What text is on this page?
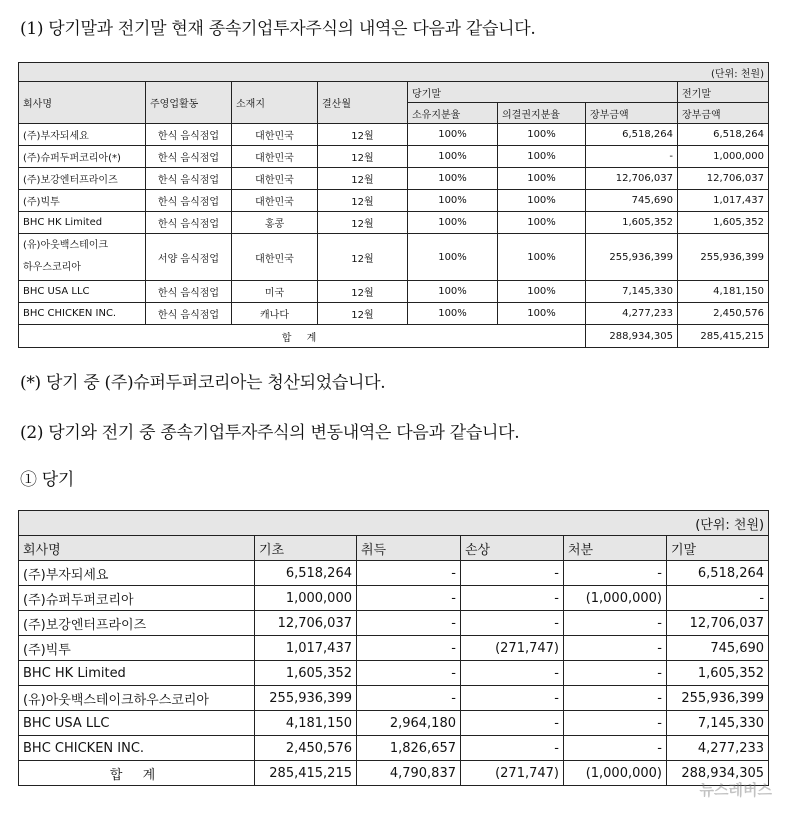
(1) 당기말과 전기말 현재 종속기업투자주식의 내역은 다음과 같습니다.
(단위: 천원)							
회사명	주영업활동	소재지	결산월	당기말			전기말
				소유지분율	의결권지분율	장부금액	장부금액
(주)부자되세요	한식 음식점업	대한민국	12월	100%	100%	6,518,264	6,518,264
(주)슈퍼두퍼코리아(*)	한식 음식점업	대한민국	12월	100%	100%	-	1,000,000
(주)보강엔터프라이즈	한식 음식점업	대한민국	12월	100%	100%	12,706,037	12,706,037
(주)빅투	한식 음식점업	대한민국	12월	100%	100%	745,690	1,017,437
BHC HK Limited	한식 음식점업	홍콩	12월	100%	100%	1,605,352	1,605,352
(유)아웃백스테이크
하우스코리아	서양 음식점업	대한민국	12월	100%	100%	255,936,399	255,936,399
BHC USA LLC	한식 음식점업	미국	12월	100%	100%	7,145,330	4,181,150
BHC CHICKEN INC.	한식 음식점업	캐나다	12월	100%	100%	4,277,233	2,450,576
합 계						288,934,305	285,415,215
(*) 당기 중 (주)슈퍼두퍼코리아는 청산되었습니다.
(2) 당기와 전기 중 종속기업투자주식의 변동내역은 다음과 같습니다.
① 당기
(단위: 천원)					
회사명	기초	취득	손상	처분	기말
(주)부자되세요	6,518,264	-	-	-	6,518,264
(주)슈퍼두퍼코리아	1,000,000	-	-	(1,000,000)	-
(주)보강엔터프라이즈	12,706,037	-	-	-	12,706,037
(주)빅투	1,017,437	-	(271,747)	-	745,690
BHC HK Limited	1,605,352	-	-	-	1,605,352
(유)아웃백스테이크하우스코리아	255,936,399	-	-	-	255,936,399
BHC USA LLC	4,181,150	2,964,180	-	-	7,145,330
BHC CHICKEN INC.	2,450,576	1,826,657	-	-	4,277,233
합 계	285,415,215	4,790,837	(271,747)	(1,000,000)	288,934,305
뉴스레버스
